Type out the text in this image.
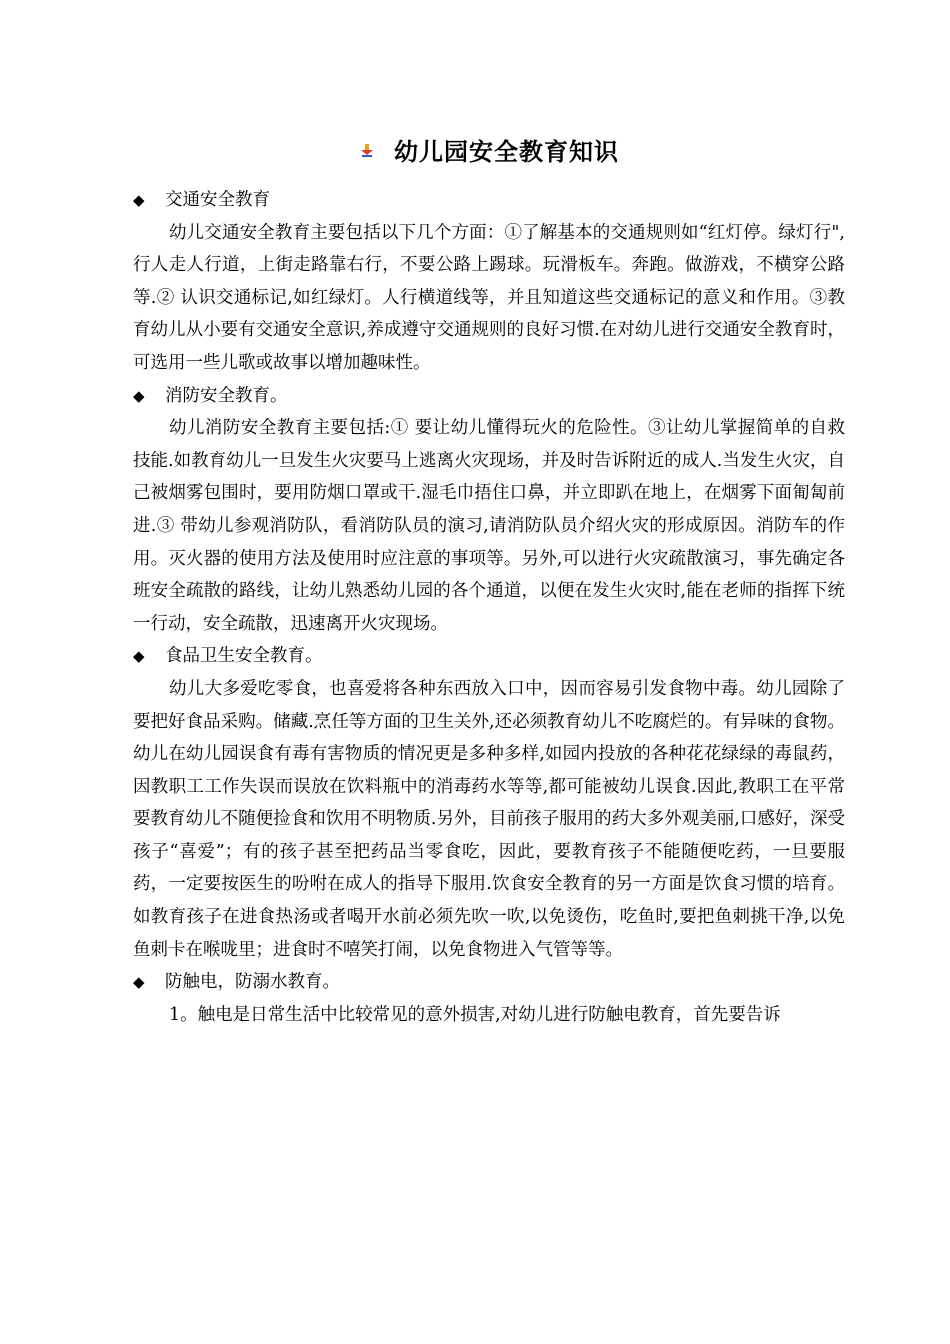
幼儿园安全教育知识
◆ 交通安全教育

幼儿交通安全教育主要包括以下几个方面：①了解基本的交通规则如“红灯停。绿灯行",行人走人行道，上街走路靠右行，不要公路上踢球。玩滑板车。奔跑。做游戏，不横穿公路等.② 认识交通标记,如红绿灯。人行横道线等，并且知道这些交通标记的意义和作用。③教育幼儿从小要有交通安全意识,养成遵守交通规则的良好习惯.在对幼儿进行交通安全教育时，可选用一些儿歌或故事以增加趣味性。

◆ 消防安全教育。

幼儿消防安全教育主要包括:① 要让幼儿懂得玩火的危险性。③让幼儿掌握简单的自救技能.如教育幼儿一旦发生火灾要马上逃离火灾现场，并及时告诉附近的成人.当发生火灾，自己被烟雾包围时，要用防烟口罩或干.湿毛巾捂住口鼻，并立即趴在地上，在烟雾下面匍匐前进.③ 带幼儿参观消防队，看消防队员的演习,请消防队员介绍火灾的形成原因。消防车的作用。灭火器的使用方法及使用时应注意的事项等。另外,可以进行火灾疏散演习，事先确定各班安全疏散的路线，让幼儿熟悉幼儿园的各个通道，以便在发生火灾时,能在老师的指挥下统一行动，安全疏散，迅速离开火灾现场。

◆ 食品卫生安全教育。

幼儿大多爱吃零食，也喜爱将各种东西放入口中，因而容易引发食物中毒。幼儿园除了要把好食品采购。储藏.烹任等方面的卫生关外,还必须教育幼儿不吃腐烂的。有异味的食物。幼儿在幼儿园误食有毒有害物质的情况更是多种多样,如园内投放的各种花花绿绿的毒鼠药，因教职工工作失误而误放在饮料瓶中的消毒药水等等,都可能被幼儿误食.因此,教职工在平常要教育幼儿不随便捡食和饮用不明物质.另外，目前孩子服用的药大多外观美丽,口感好，深受孩子“喜爱”；有的孩子甚至把药品当零食吃，因此，要教育孩子不能随便吃药，一旦要服药，一定要按医生的吩咐在成人的指导下服用.饮食安全教育的另一方面是饮食习惯的培育。如教育孩子在进食热汤或者喝开水前必须先吹一吹,以免烫伤，吃鱼时,要把鱼刺挑干净,以免鱼刺卡在喉咙里；进食时不嘻笑打闹，以免食物进入气管等等。

◆ 防触电，防溺水教育。

1。触电是日常生活中比较常见的意外损害,对幼儿进行防触电教育，首先要告诉
